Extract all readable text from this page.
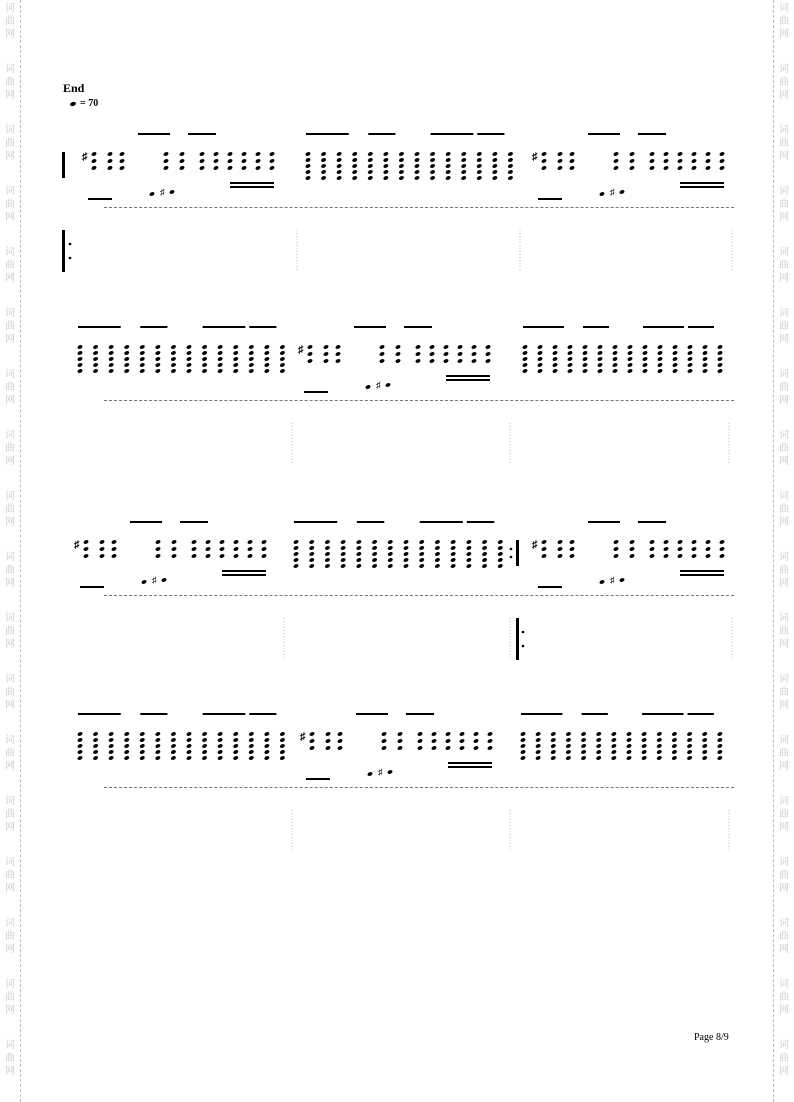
词
曲
网
词
曲
网
词
曲
网
词
曲
网
词
曲
网
词
曲
网
词
曲
网
词
曲
网
词
曲
网
词
曲
网
词
曲
网
词
曲
网
词
曲
网
词
曲
网
词
曲
网
词
曲
网
词
曲
网
词
曲
网
词
曲
网
词
曲
网
词
曲
网
词
曲
网
词
曲
网
词
曲
网
词
曲
网
词
曲
网
词
曲
网
词
曲
网
词
曲
网
词
曲
网
词
曲
网
词
曲
网
词
曲
网
词
曲
网
词
曲
网
词
曲
网
End
= 70
♯
♯
♯
♯
♯
♯
♯
♯
♯
♯
♯
♯
Page 8/9
